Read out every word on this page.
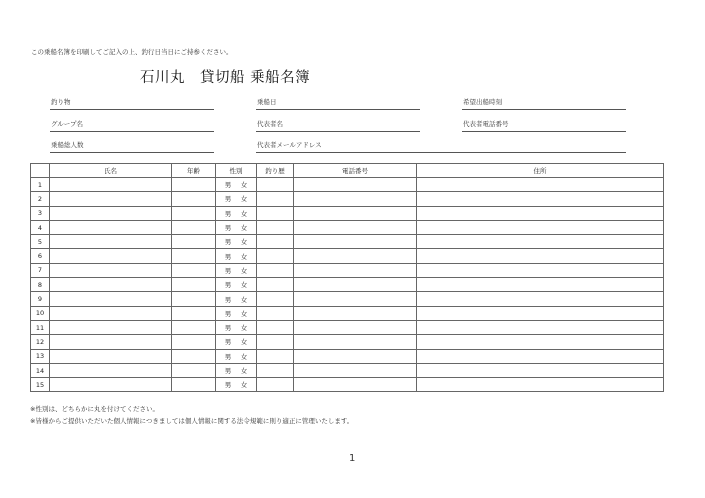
この乗船名簿を印刷してご記入の上、釣行日当日にご持参ください。
石川丸　貸切船 乗船名簿
釣り物	乗船日	希望出船時刻
グループ名	代表者名	代表者電話番号
乗船総人数	代表者メールアドレス
	氏名	年齢	性別	釣り歴	電話番号	住所
1			男 女			
2			男 女			
3			男 女			
4			男 女			
5			男 女			
6			男 女			
7			男 女			
8			男 女			
9			男 女			
10			男 女			
11			男 女			
12			男 女			
13			男 女			
14			男 女			
15			男 女			
※性別は、どちらかに丸を付けてください。
※皆様からご提供いただいた個人情報につきましては個人情報に関する法令規範に則り適正に管理いたします。
1
